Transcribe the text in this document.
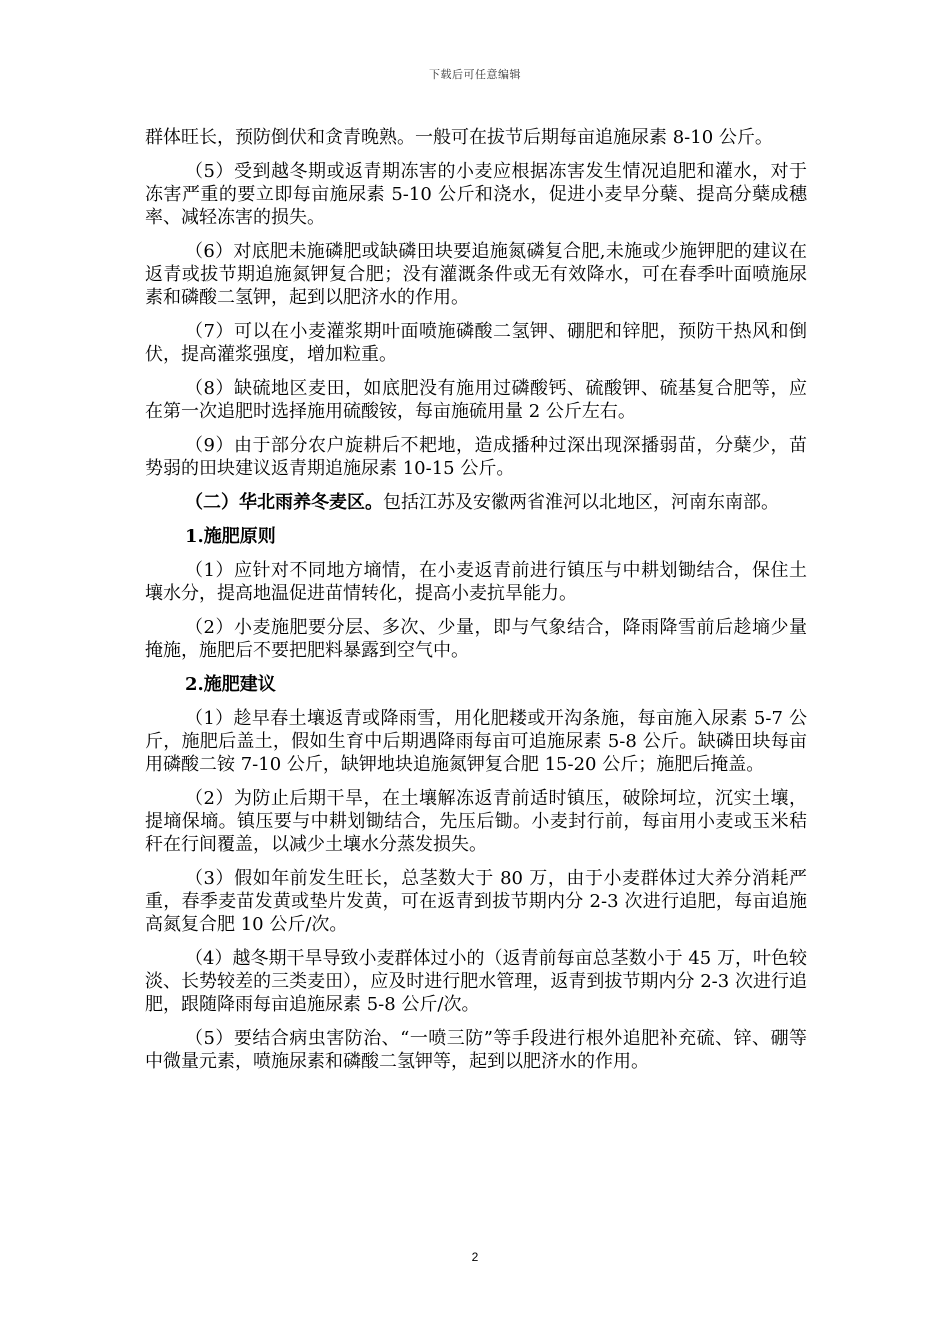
下载后可任意编辑

群体旺长，预防倒伏和贪青晚熟。一般可在拔节后期每亩追施尿素 8-10 公斤。

（5）受到越冬期或返青期冻害的小麦应根据冻害发生情况追肥和灌水，对于冻害严重的要立即每亩施尿素 5-10 公斤和浇水，促进小麦早分蘖、提高分蘖成穗率、减轻冻害的损失。

（6）对底肥未施磷肥或缺磷田块要追施氮磷复合肥,未施或少施钾肥的建议在返青或拔节期追施氮钾复合肥；没有灌溉条件或无有效降水，可在春季叶面喷施尿素和磷酸二氢钾，起到以肥济水的作用。

（7）可以在小麦灌浆期叶面喷施磷酸二氢钾、硼肥和锌肥，预防干热风和倒伏，提高灌浆强度，增加粒重。

（8）缺硫地区麦田，如底肥没有施用过磷酸钙、硫酸钾、硫基复合肥等，应在第一次追肥时选择施用硫酸铵，每亩施硫用量 2 公斤左右。

（9）由于部分农户旋耕后不耙地，造成播种过深出现深播弱苗，分蘖少，苗势弱的田块建议返青期追施尿素 10-15 公斤。

（二）华北雨养冬麦区。包括江苏及安徽两省淮河以北地区，河南东南部。

1.施肥原则

（1）应针对不同地方墒情，在小麦返青前进行镇压与中耕划锄结合，保住土壤水分，提高地温促进苗情转化，提高小麦抗旱能力。

（2）小麦施肥要分层、多次、少量，即与气象结合，降雨降雪前后趁墒少量掩施，施肥后不要把肥料暴露到空气中。

2.施肥建议

（1）趁早春土壤返青或降雨雪，用化肥耧或开沟条施，每亩施入尿素 5-7 公斤，施肥后盖土，假如生育中后期遇降雨每亩可追施尿素 5-8 公斤。缺磷田块每亩用磷酸二铵 7-10 公斤，缺钾地块追施氮钾复合肥 15-20 公斤；施肥后掩盖。

（2）为防止后期干旱，在土壤解冻返青前适时镇压，破除坷垃，沉实土壤，提墒保墒。镇压要与中耕划锄结合，先压后锄。小麦封行前，每亩用小麦或玉米秸秆在行间覆盖，以减少土壤水分蒸发损失。

（3）假如年前发生旺长，总茎数大于 80 万，由于小麦群体过大养分消耗严重，春季麦苗发黄或垫片发黄，可在返青到拔节期内分 2-3 次进行追肥，每亩追施高氮复合肥 10 公斤/次。

（4）越冬期干旱导致小麦群体过小的（返青前每亩总茎数小于 45 万，叶色较淡、长势较差的三类麦田），应及时进行肥水管理，返青到拔节期内分 2-3 次进行追肥，跟随降雨每亩追施尿素 5-8 公斤/次。

（5）要结合病虫害防治、“一喷三防”等手段进行根外追肥补充硫、锌、硼等中微量元素，喷施尿素和磷酸二氢钾等，起到以肥济水的作用。

2
